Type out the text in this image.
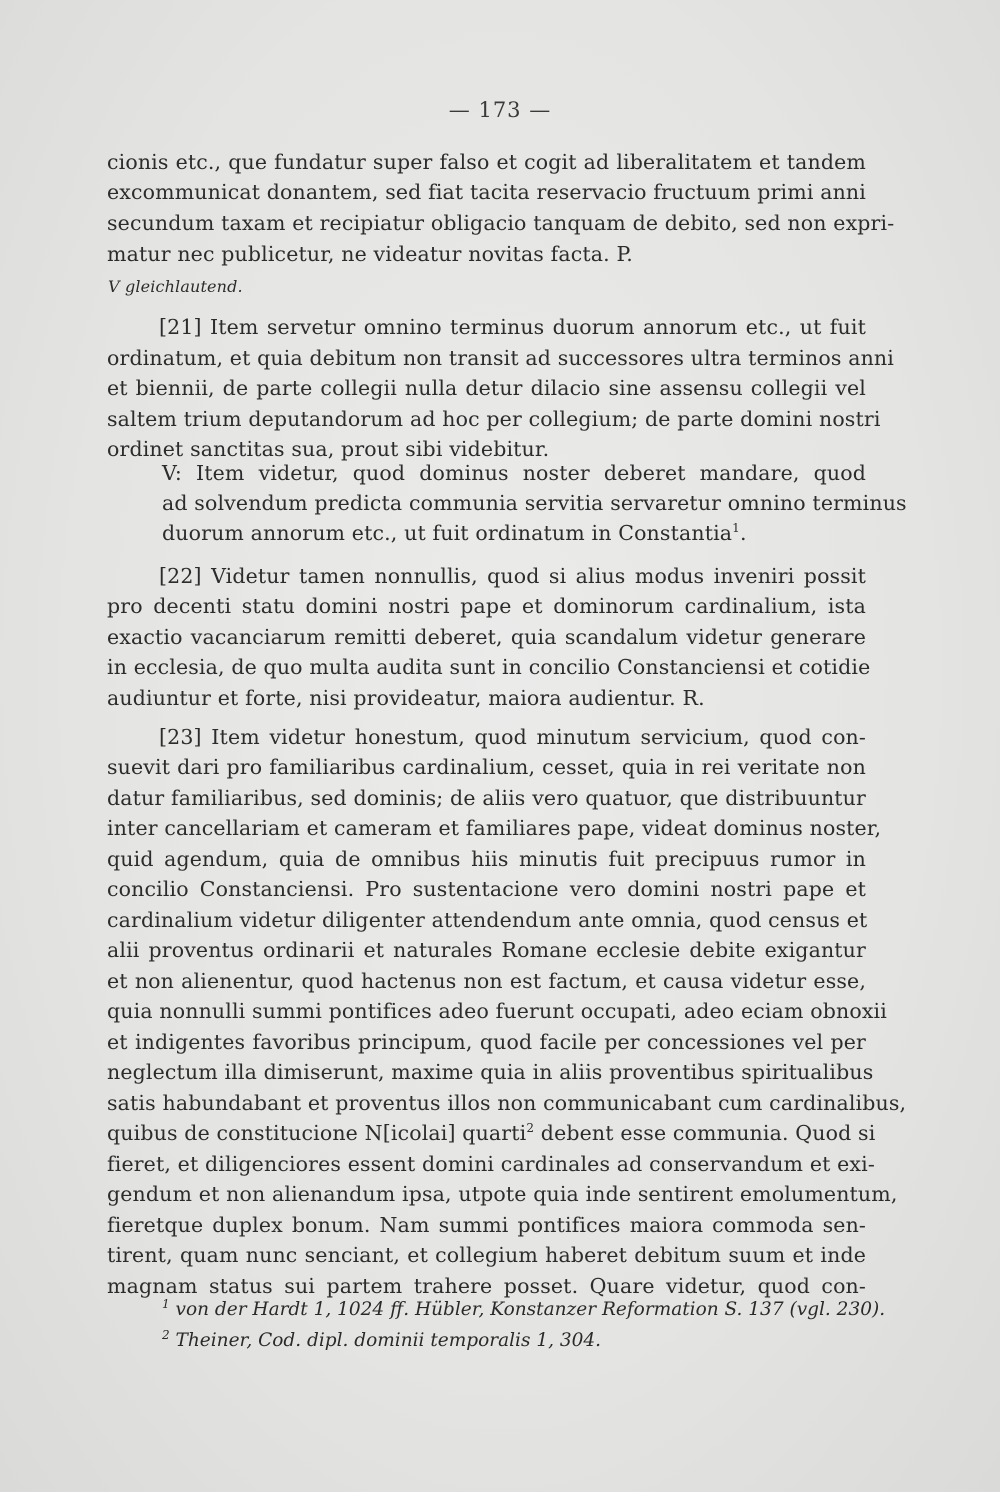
— 173 —
cionis etc., que fundatur super falso et cogit ad liberalitatem et tandem
excommunicat donantem, sed fiat tacita reservacio fructuum primi anni
secundum taxam et recipiatur obligacio tanquam de debito, sed non expri-
matur nec publicetur, ne videatur novitas facta. P.
V gleichlautend.
[21] Item servetur omnino terminus duorum annorum etc., ut fuit
ordinatum, et quia debitum non transit ad successores ultra terminos anni
et biennii, de parte collegii nulla detur dilacio sine assensu collegii vel
saltem trium deputandorum ad hoc per collegium; de parte domini nostri
ordinet sanctitas sua, prout sibi videbitur.
V: Item videtur, quod dominus noster deberet mandare, quod
ad solvendum predicta communia servitia servaretur omnino terminus
duorum annorum etc., ut fuit ordinatum in Constantia$^1$.
[22] Videtur tamen nonnullis, quod si alius modus inveniri possit
pro decenti statu domini nostri pape et dominorum cardinalium, ista
exactio vacanciarum remitti deberet, quia scandalum videtur generare
in ecclesia, de quo multa audita sunt in concilio Constanciensi et cotidie
audiuntur et forte, nisi provideatur, maiora audientur. R.
[23] Item videtur honestum, quod minutum servicium, quod con-
suevit dari pro familiaribus cardinalium, cesset, quia in rei veritate non
datur familiaribus, sed dominis; de aliis vero quatuor, que distribuuntur
inter cancellariam et cameram et familiares pape, videat dominus noster,
quid agendum, quia de omnibus hiis minutis fuit precipuus rumor in
concilio Constanciensi. Pro sustentacione vero domini nostri pape et
cardinalium videtur diligenter attendendum ante omnia, quod census et
alii proventus ordinarii et naturales Romane ecclesie debite exigantur
et non alienentur, quod hactenus non est factum, et causa videtur esse,
quia nonnulli summi pontifices adeo fuerunt occupati, adeo eciam obnoxii
et indigentes favoribus principum, quod facile per concessiones vel per
neglectum illa dimiserunt, maxime quia in aliis proventibus spiritualibus
satis habundabant et proventus illos non communicabant cum cardinalibus,
quibus de constitucione N[icolai] quarti$^2$ debent esse communia. Quod si
fieret, et diligenciores essent domini cardinales ad conservandum et exi-
gendum et non alienandum ipsa, utpote quia inde sentirent emolumentum,
fieretque duplex bonum. Nam summi pontifices maiora commoda sen-
tirent, quam nunc senciant, et collegium haberet debitum suum et inde
magnam status sui partem trahere posset. Quare videtur, quod con-
$^1$ von der Hardt 1, 1024 ff. Hübler, Konstanzer Reformation S. 137 (vgl. 230).
$^2$ Theiner, Cod. dipl. dominii temporalis 1, 304.
